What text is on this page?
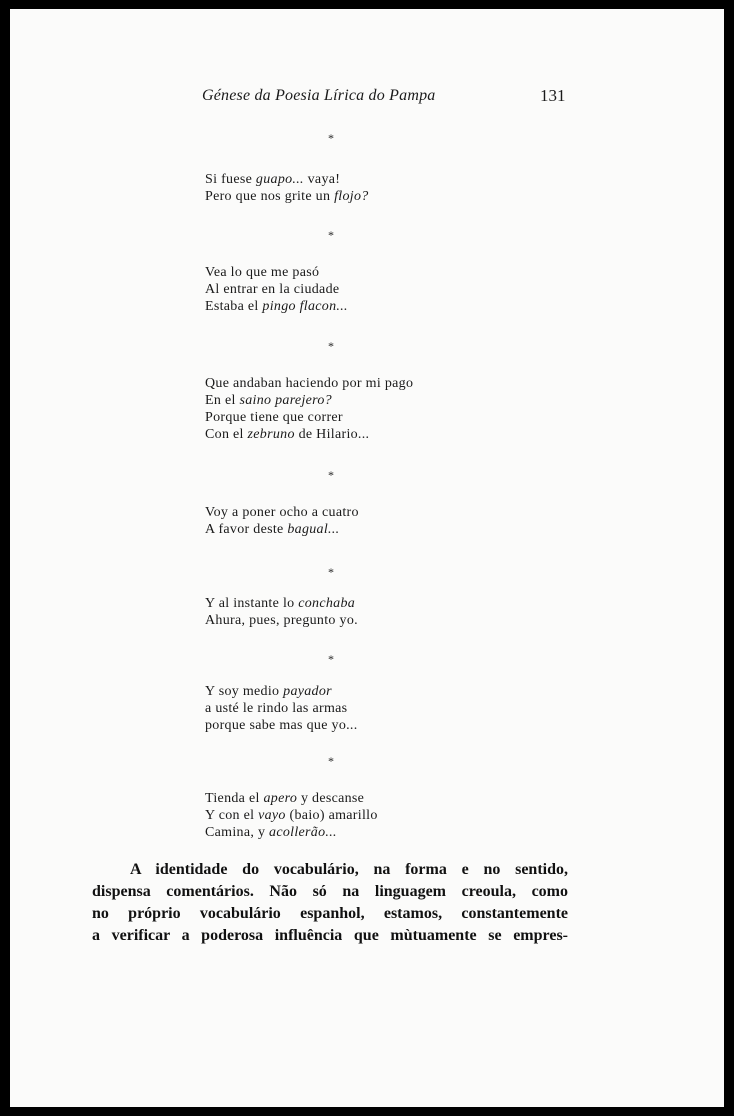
Génese da Poesia Lírica do Pampa	131
*
Si fuese guapo... vaya!
Pero que nos grite un flojo?
*
Vea lo que me pasó
Al entrar en la ciudade
Estaba el pingo flacon...
*
Que andaban haciendo por mi pago
En el saino parejero?
Porque tiene que correr
Con el zebruno de Hilario...
*
Voy a poner ocho a cuatro
A favor deste bagual...
*
Y al instante lo conchaba
Ahura, pues, pregunto yo.
*
Y soy medio payador
a usté le rindo las armas
porque sabe mas que yo...
*
Tienda el apero y descanse
Y con el vayo (baio) amarillo
Camina, y acollerão...
A identidade do vocabulário, na forma e no sentido,
dispensa comentários. Não só na linguagem creoula, como
no próprio vocabulário espanhol, estamos, constantemente
a verificar a poderosa influência que mùtuamente se empres-
